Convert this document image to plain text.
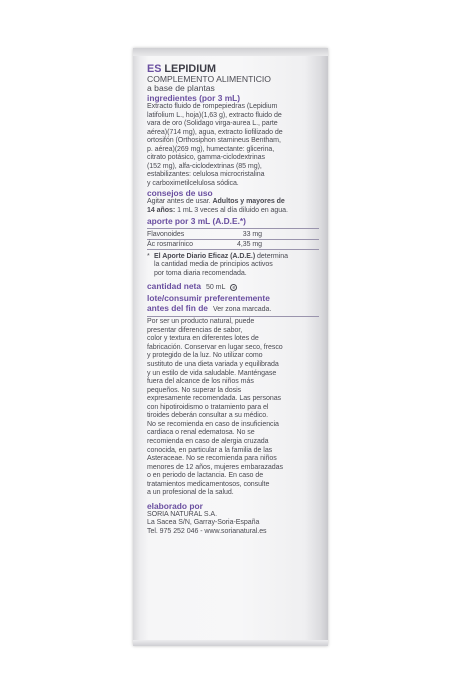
ES LEPIDIUM
COMPLEMENTO ALIMENTICIO
a base de plantas
ingredientes (por 3 mL)
Extracto fluido de rompepiedras (Lepidium
latifolium L., hoja)(1,63 g), extracto fluido de
vara de oro (Solidago virga-aurea L., parte
aérea)(714 mg), agua, extracto liofilizado de
ortosifón (Orthosiphon stamineus Bentham,
p. aérea)(269 mg), humectante: glicerina,
citrato potásico, gamma-ciclodextrinas
(152 mg), alfa-ciclodextrinas (85 mg),
estabilizantes: celulosa microcristalina
y carboximetilcelulosa sódica.
consejos de uso
Agitar antes de usar. Adultos y mayores de
14 años: 1 mL 3 veces al día diluido en agua.
aporte por 3 mL (A.D.E.*)
Flavonoides	33 mg
Ác rosmarínico	4,35 mg
* El Aporte Diario Eficaz (A.D.E.) determina
la cantidad media de principios activos
por toma diaria recomendada.
cantidad neta 50 mL	e
lote/consumir preferentemente
antes del fin de Ver zona marcada.
Por ser un producto natural, puede
presentar diferencias de sabor,
color y textura en diferentes lotes de
fabricación. Conservar en lugar seco, fresco
y protegido de la luz. No utilizar como
sustituto de una dieta variada y equilibrada
y un estilo de vida saludable. Manténgase
fuera del alcance de los niños más
pequeños. No superar la dosis
expresamente recomendada. Las personas
con hipotiroidismo o tratamiento para el
tiroides deberán consultar a su médico.
No se recomienda en caso de insuficiencia
cardiaca o renal edematosa. No se
recomienda en caso de alergia cruzada
conocida, en particular a la familia de las
Asteraceae. No se recomienda para niños
menores de 12 años, mujeres embarazadas
o en periodo de lactancia. En caso de
tratamientos medicamentosos, consulte
a un profesional de la salud.
elaborado por
SORIA NATURAL S.A.
La Sacea S/N, Garray-Soria-España
Tel. 975 252 046 - www.sorianatural.es
